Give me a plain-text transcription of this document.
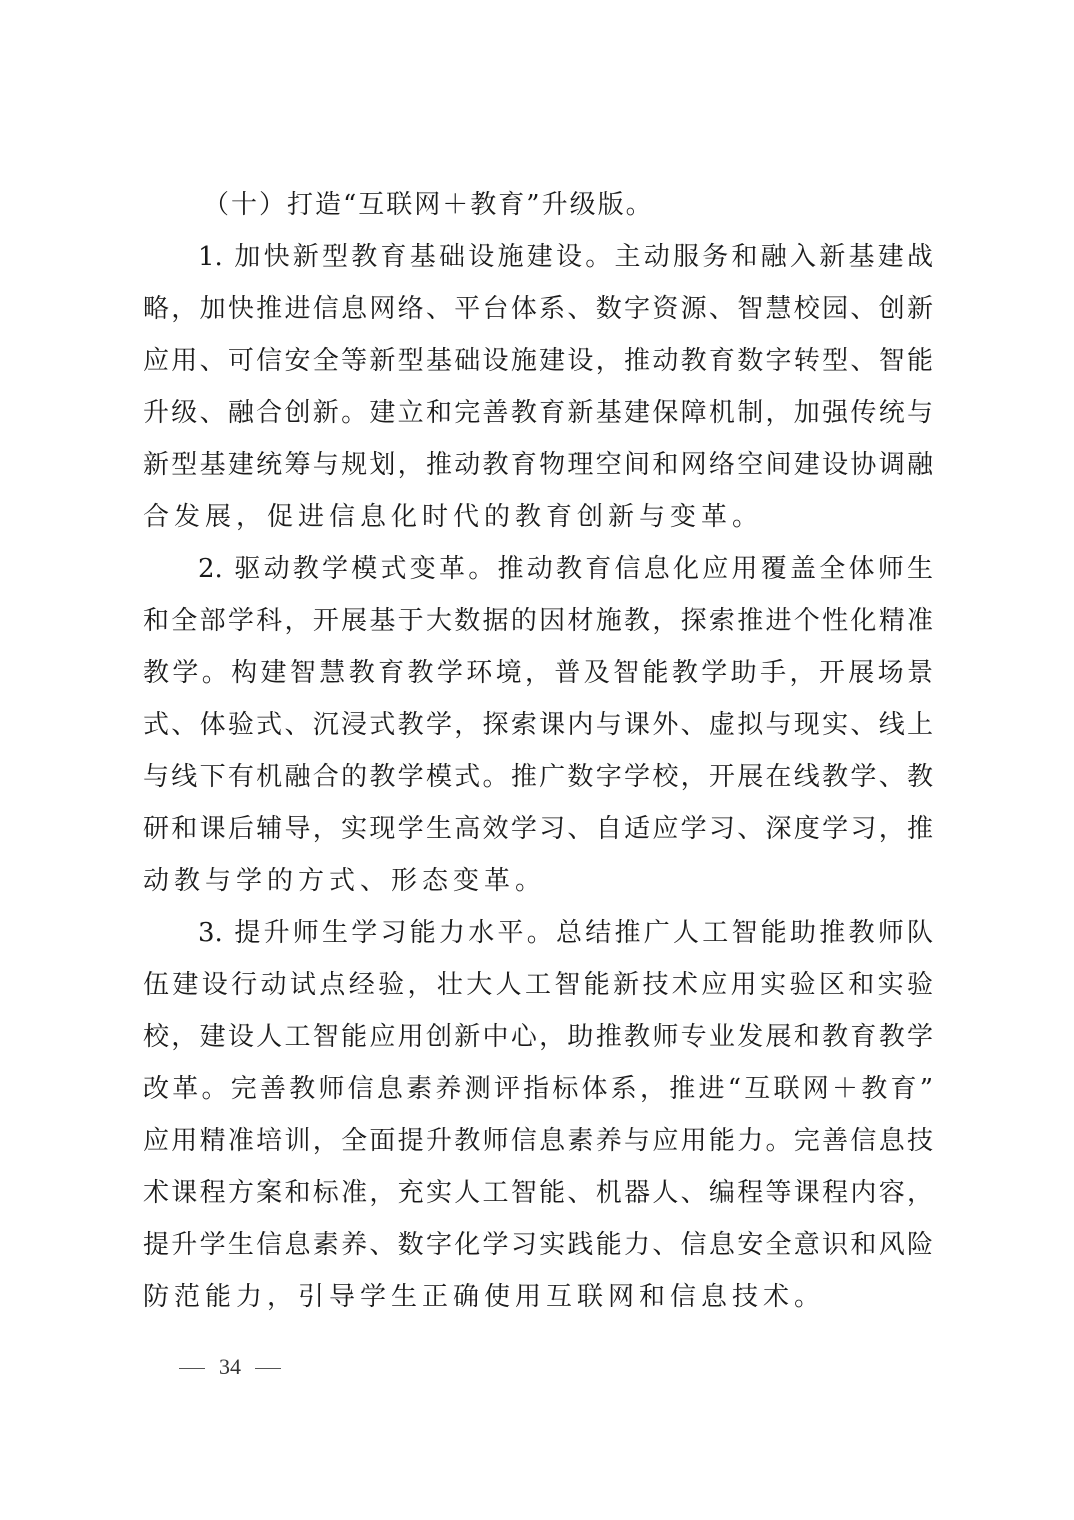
（十）打造“互联网＋教育”升级版。
1. 加快新型教育基础设施建设。主动服务和融入新基建战
略，加快推进信息网络、平台体系、数字资源、智慧校园、创新
应用、可信安全等新型基础设施建设，推动教育数字转型、智能
升级、融合创新。建立和完善教育新基建保障机制，加强传统与
新型基建统筹与规划，推动教育物理空间和网络空间建设协调融
合发展，促进信息化时代的教育创新与变革。
2. 驱动教学模式变革。推动教育信息化应用覆盖全体师生
和全部学科，开展基于大数据的因材施教，探索推进个性化精准
教学。构建智慧教育教学环境，普及智能教学助手，开展场景
式、体验式、沉浸式教学，探索课内与课外、虚拟与现实、线上
与线下有机融合的教学模式。推广数字学校，开展在线教学、教
研和课后辅导，实现学生高效学习、自适应学习、深度学习，推
动教与学的方式、形态变革。
3. 提升师生学习能力水平。总结推广人工智能助推教师队
伍建设行动试点经验，壮大人工智能新技术应用实验区和实验
校，建设人工智能应用创新中心，助推教师专业发展和教育教学
改革。完善教师信息素养测评指标体系，推进“互联网＋教育”
应用精准培训，全面提升教师信息素养与应用能力。完善信息技
术课程方案和标准，充实人工智能、机器人、编程等课程内容，
提升学生信息素养、数字化学习实践能力、信息安全意识和风险
防范能力，引导学生正确使用互联网和信息技术。
34
